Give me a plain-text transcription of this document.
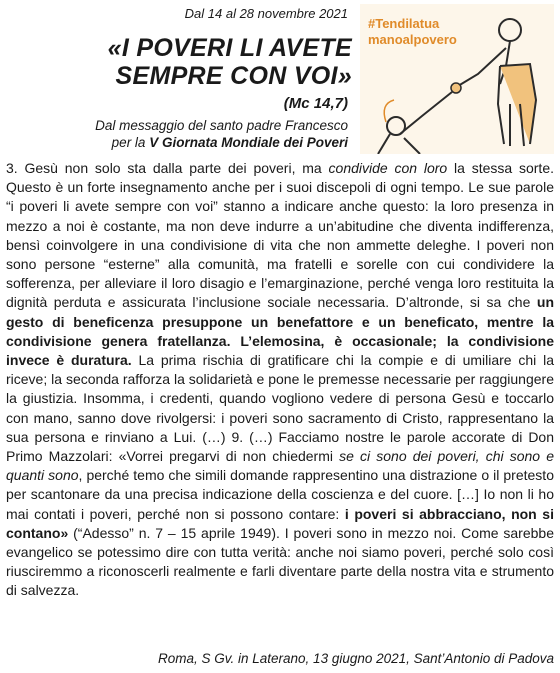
Dal 14 al 28 novembre 2021
«I POVERI LI AVETE
SEMPRE CON VOI»
(Mc 14,7)
Dal messaggio del santo padre Francesco
per la V Giornata Mondiale dei Poveri
#Tendilatua
manoalpovero

3. Gesù non solo sta dalla parte dei poveri, ma condivide con loro la stessa sorte. Questo è un forte insegnamento anche per i suoi discepoli di ogni tempo. Le sue parole “i poveri li avete sempre con voi” stanno a indicare anche questo: la loro presenza in mezzo a noi è costante, ma non deve indurre a un’abitudine che diventa indifferenza, bensì coinvolgere in una condivisione di vita che non ammette deleghe. I poveri non sono persone “esterne” alla comunità, ma fratelli e sorelle con cui condividere la sofferenza, per alleviare il loro disagio e l’emarginazione, perché venga loro restituita la dignità perduta e assicurata l’inclusione sociale necessaria. D’altronde, si sa che un gesto di beneficenza presuppone un benefattore e un beneficato, mentre la condivisione genera fratellanza. L’elemosina, è occasionale; la condivisione invece è duratura. La prima rischia di gratificare chi la compie e di umiliare chi la riceve; la seconda rafforza la solidarietà e pone le premesse necessarie per raggiungere la giustizia. Insomma, i credenti, quando vogliono vedere di persona Gesù e toccarlo con mano, sanno dove rivolgersi: i poveri sono sacramento di Cristo, rappresentano la sua persona e rinviano a Lui. (…) 9. (…) Facciamo nostre le parole accorate di Don Primo Mazzolari: «Vorrei pregarvi di non chiedermi se ci sono dei poveri, chi sono e quanti sono, perché temo che simili domande rappresentino una distrazione o il pretesto per scantonare da una precisa indicazione della coscienza e del cuore. […] Io non li ho mai contati i poveri, perché non si possono contare: i poveri si abbracciano, non si contano» (“Adesso” n. 7 – 15 aprile 1949). I poveri sono in mezzo noi. Come sarebbe evangelico se potessimo dire con tutta verità: anche noi siamo poveri, perché solo così riusciremmo a riconoscerli realmente e farli diventare parte della nostra vita e strumento di salvezza.

Roma, S Gv. in Laterano, 13 giugno 2021, Sant’Antonio di Padova
